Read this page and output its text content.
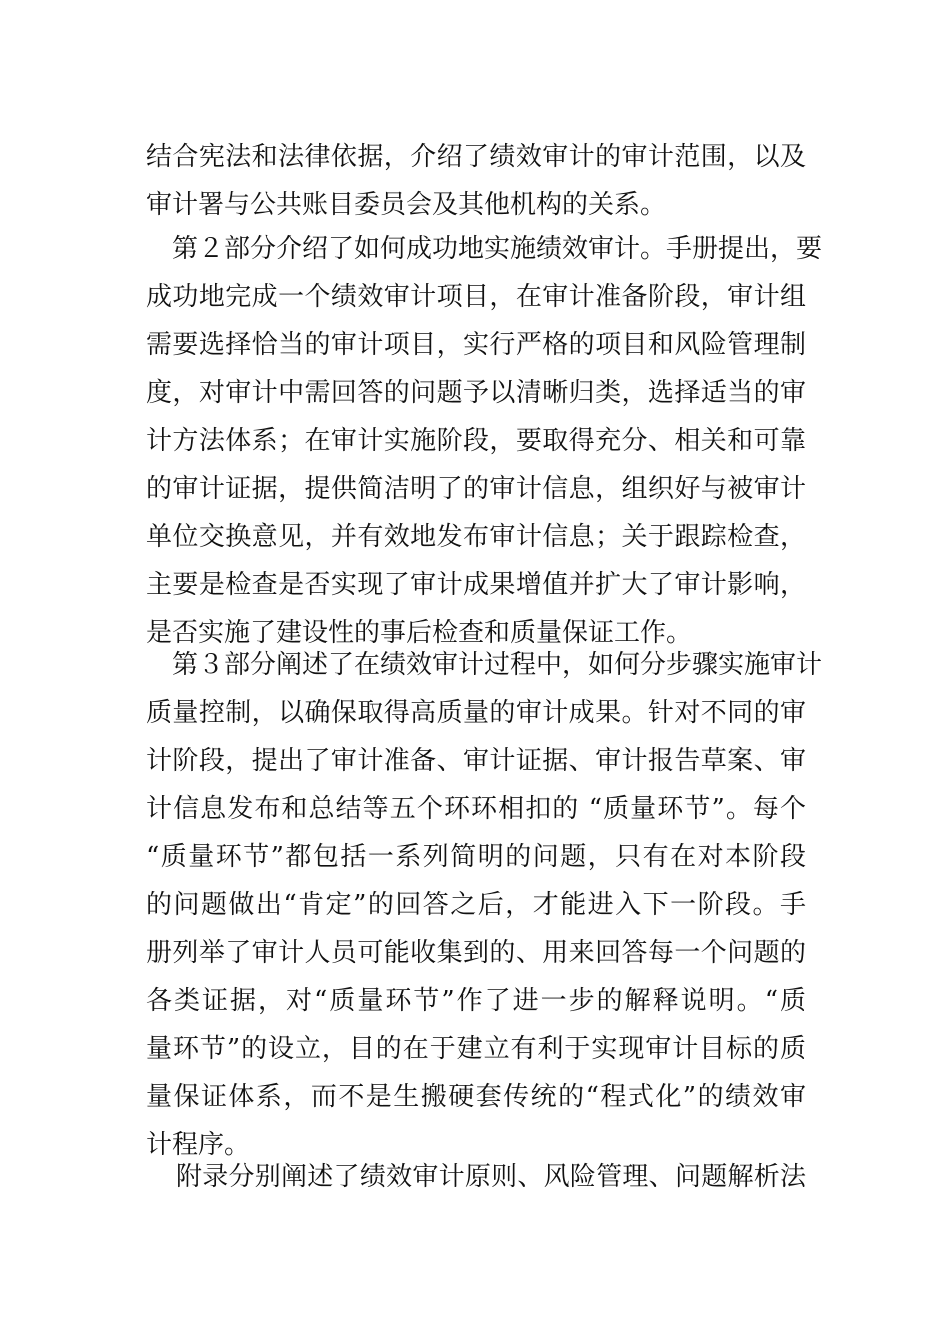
结合宪法和法律依据，介绍了绩效审计的审计范围，以及
审计署与公共账目委员会及其他机构的关系。
第２部分介绍了如何成功地实施绩效审计。手册提出，要
成功地完成一个绩效审计项目，在审计准备阶段，审计组
需要选择恰当的审计项目，实行严格的项目和风险管理制
度，对审计中需回答的问题予以清晰归类，选择适当的审
计方法体系；在审计实施阶段，要取得充分、相关和可靠
的审计证据，提供简洁明了的审计信息，组织好与被审计
单位交换意见，并有效地发布审计信息；关于跟踪检查，
主要是检查是否实现了审计成果增值并扩大了审计影响，
是否实施了建设性的事后检查和质量保证工作。
第３部分阐述了在绩效审计过程中，如何分步骤实施审计
质量控制，以确保取得高质量的审计成果。针对不同的审
计阶段，提出了审计准备、审计证据、审计报告草案、审
计信息发布和总结等五个环环相扣的 “质量环节”。每个
“质量环节”都包括一系列简明的问题，只有在对本阶段
的问题做出“肯定”的回答之后，才能进入下一阶段。手
册列举了审计人员可能收集到的、用来回答每一个问题的
各类证据，对“质量环节”作了进一步的解释说明。“质
量环节”的设立，目的在于建立有利于实现审计目标的质
量保证体系，而不是生搬硬套传统的“程式化”的绩效审
计程序。
附录分别阐述了绩效审计原则、风险管理、问题解析法
